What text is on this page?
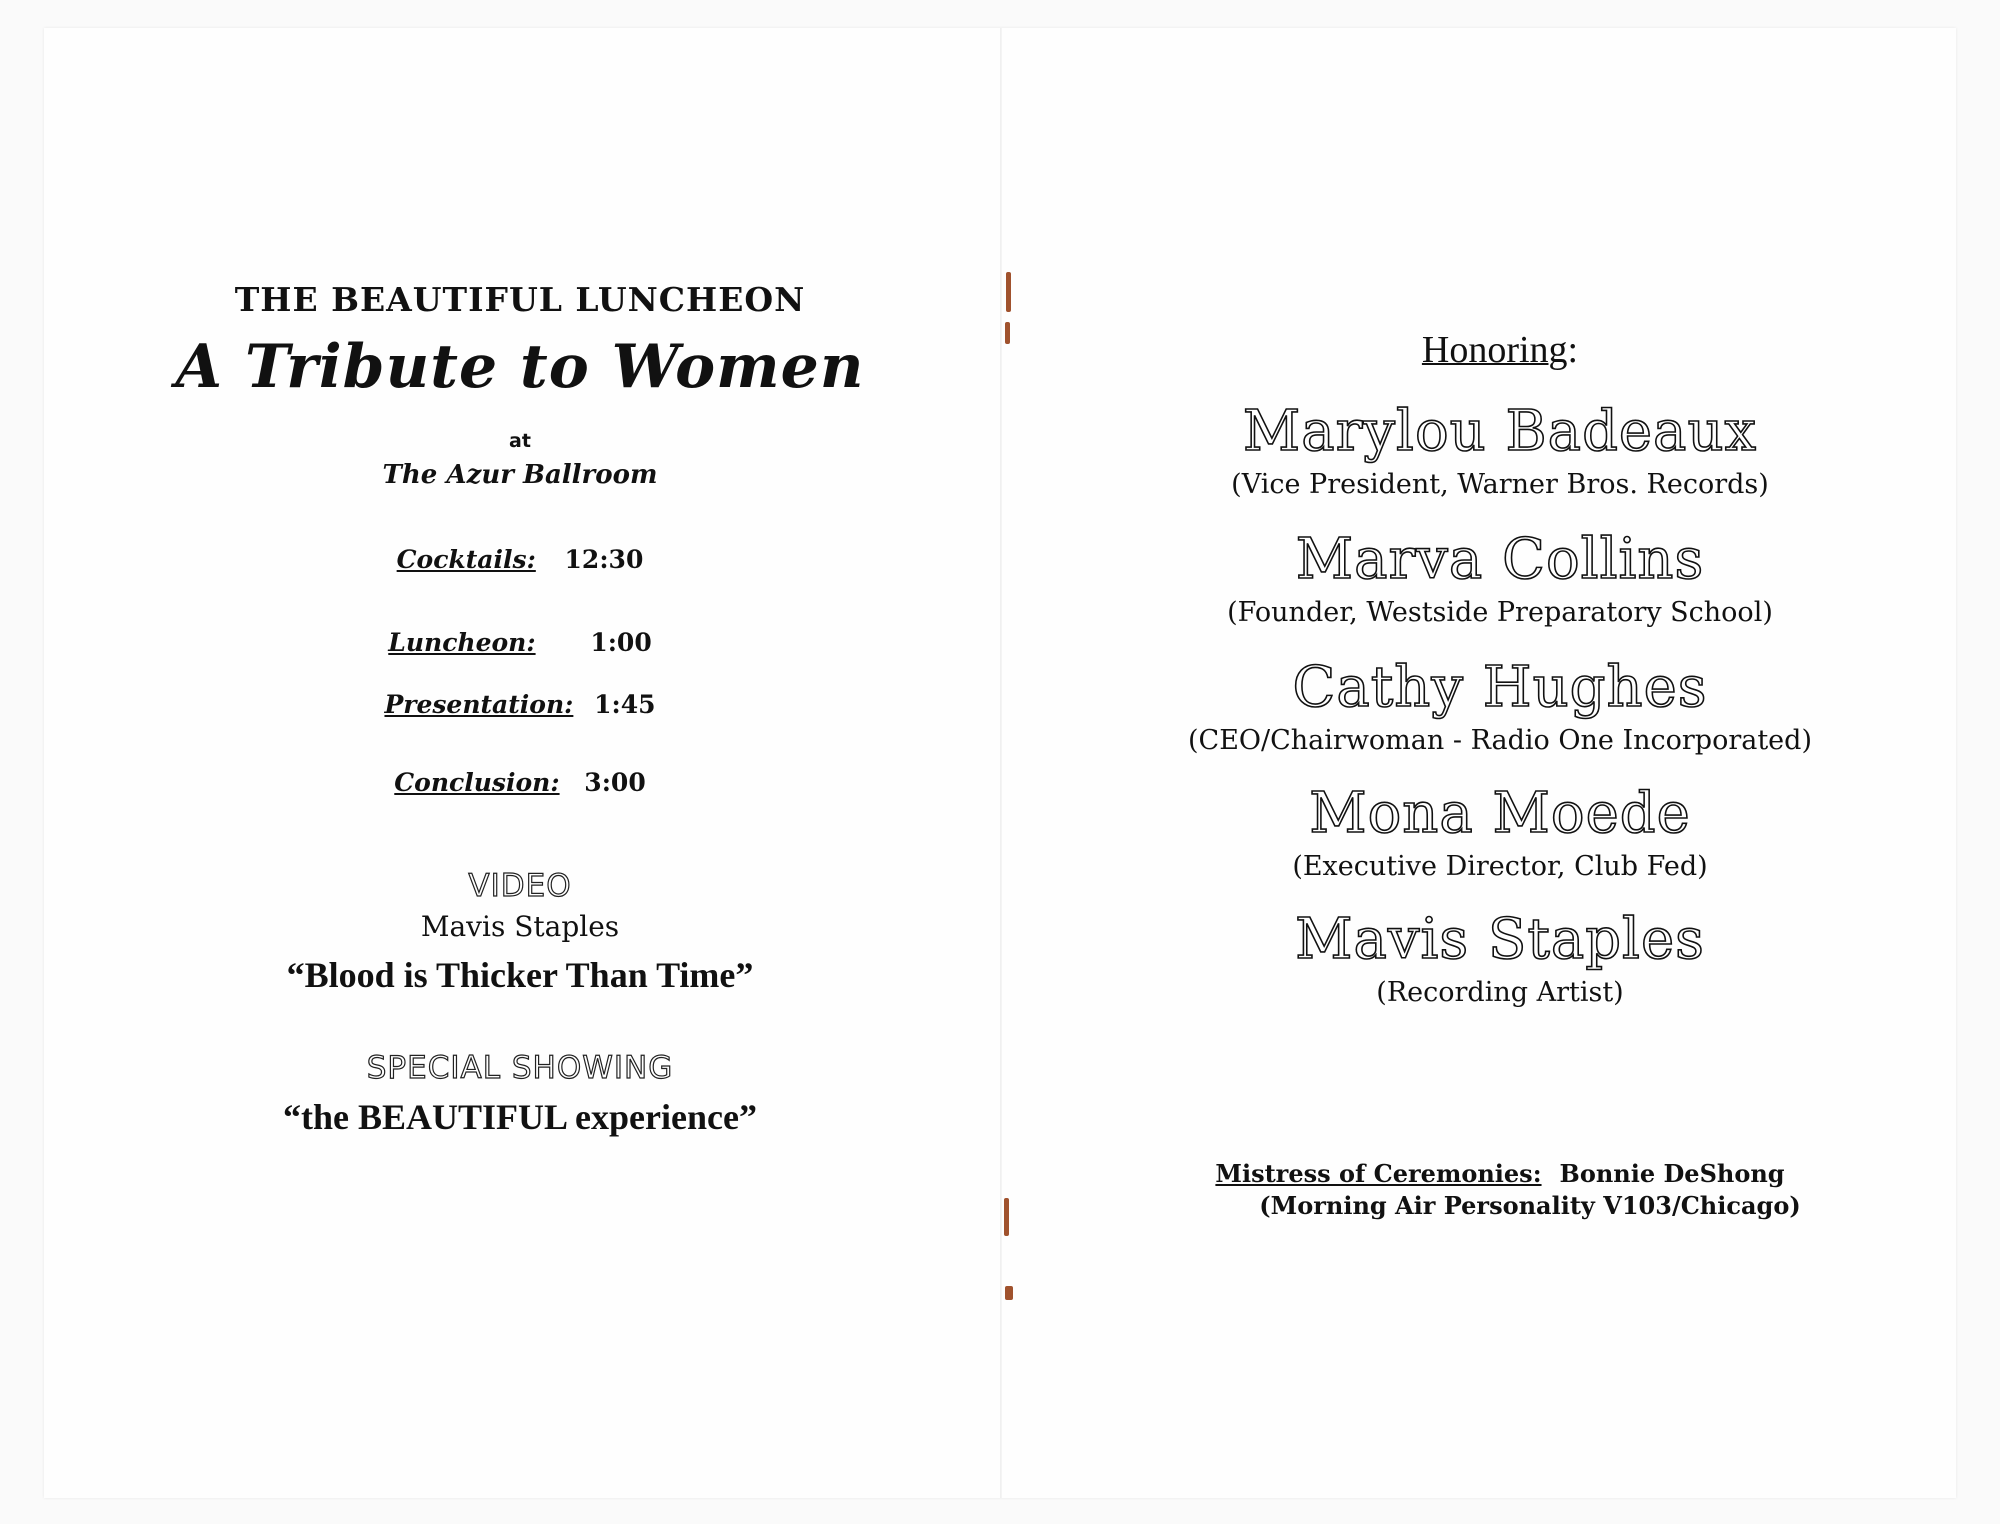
THE BEAUTIFUL LUNCHEON
A Tribute to Women
at
The Azur Ballroom
Cocktails: 12:30
Luncheon: 1:00
Presentation: 1:45
Conclusion: 3:00
VIDEO
Mavis Staples
“Blood is Thicker Than Time”
SPECIAL SHOWING
“the BEAUTIFUL experience”
Honoring:
Marylou Badeaux
(Vice President, Warner Bros. Records)
Marva Collins
(Founder, Westside Preparatory School)
Cathy Hughes
(CEO/Chairwoman - Radio One Incorporated)
Mona Moede
(Executive Director, Club Fed)
Mavis Staples
(Recording Artist)
Mistress of Ceremonies: Bonnie DeShong
(Morning Air Personality V103/Chicago)
